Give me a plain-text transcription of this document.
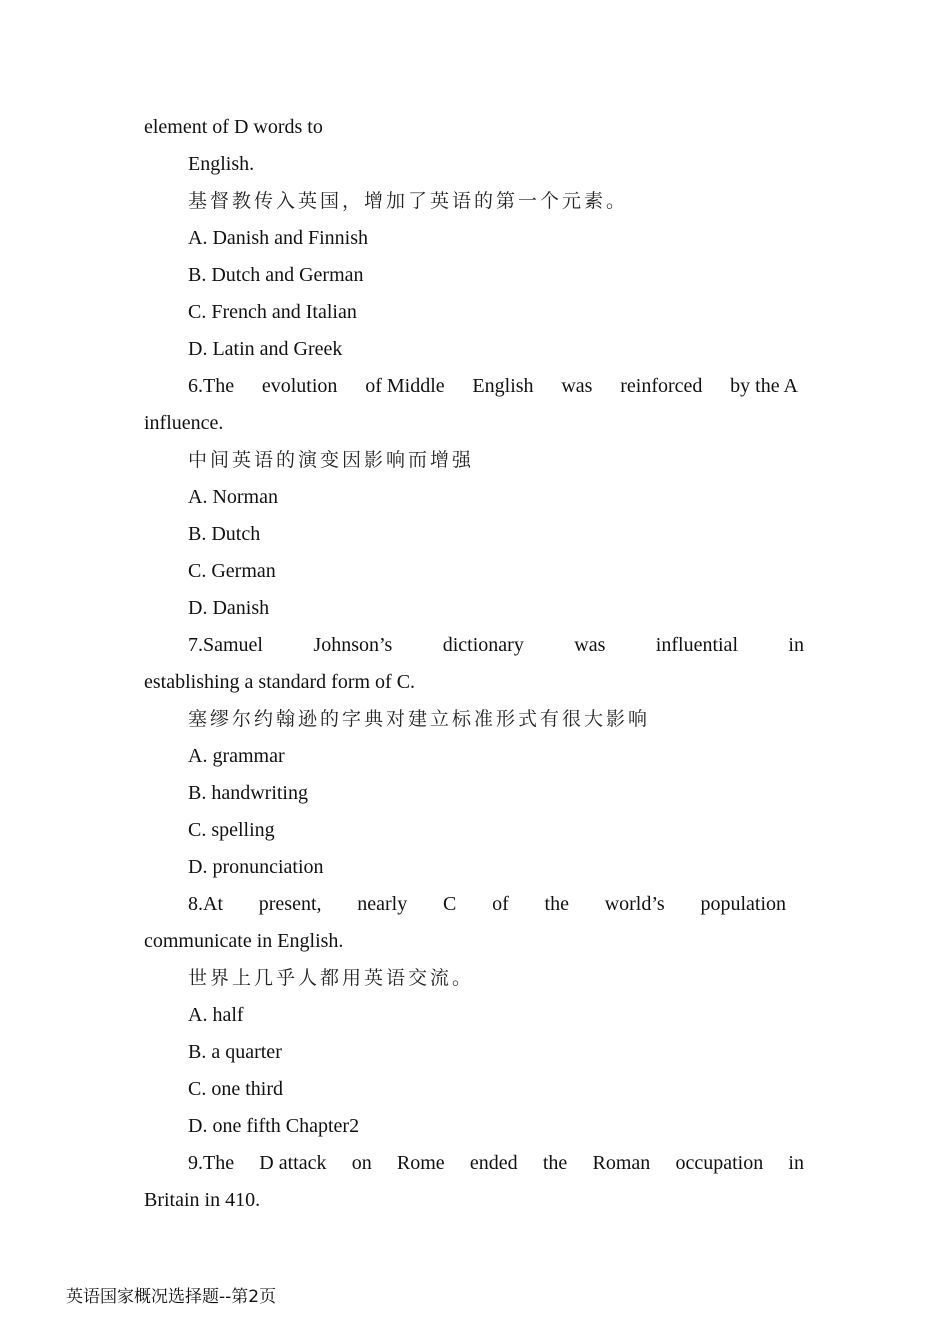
element of D words to
English.
基督教传入英国，增加了英语的第一个元素。
A. Danish and Finnish
B. Dutch and German
C. French and Italian
D. Latin and Greek
6.The evolution of Middle English was reinforced by the A
influence.
中间英语的演变因影响而增强
A. Norman
B. Dutch
C. German
D. Danish
7.Samuel	Johnson’s	dictionary	was	influential	in
establishing a standard form of C.
塞缪尔约翰逊的字典对建立标准形式有很大影响
A. grammar
B. handwriting
C. spelling
D. pronunciation
8.At present, nearly C of the world’s population
communicate in English.
世界上几乎人都用英语交流。
A. half
B. a quarter
C. one third
D. one fifth Chapter2
9.The D attack on Rome ended the Roman occupation in
Britain in 410.
英语国家概况选择题--第2页
